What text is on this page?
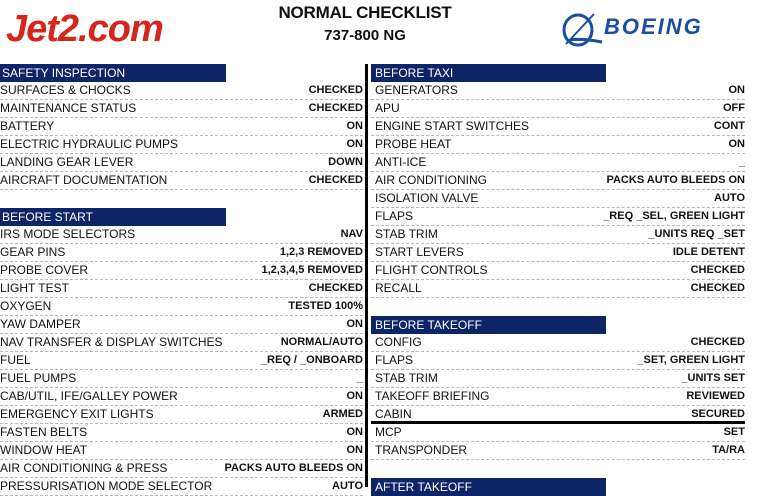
Jet2.com	NORMAL CHECKLIST
737-800 NG	BOEING
SAFETY INSPECTION
SURFACES & CHOCKS	CHECKED
MAINTENANCE STATUS	CHECKED
BATTERY	ON
ELECTRIC HYDRAULIC PUMPS	ON
LANDING GEAR LEVER	DOWN
AIRCRAFT DOCUMENTATION	CHECKED
BEFORE START
IRS MODE SELECTORS	NAV
GEAR PINS	1,2,3 REMOVED
PROBE COVER	1,2,3,4,5 REMOVED
LIGHT TEST	CHECKED
OXYGEN	TESTED 100%
YAW DAMPER	ON
NAV TRANSFER & DISPLAY SWITCHES	NORMAL/AUTO
FUEL	_REQ / _ONBOARD
FUEL PUMPS	_
CAB/UTIL, IFE/GALLEY POWER	ON
EMERGENCY EXIT LIGHTS	ARMED
FASTEN BELTS	ON
WINDOW HEAT	ON
AIR CONDITIONING & PRESS	PACKS AUTO BLEEDS ON
PRESSURISATION MODE SELECTOR	AUTO
BEFORE TAXI
GENERATORS	ON
APU	OFF
ENGINE START SWITCHES	CONT
PROBE HEAT	ON
ANTI-ICE	_
AIR CONDITIONING	PACKS AUTO BLEEDS ON
ISOLATION VALVE	AUTO
FLAPS	_REQ _SEL, GREEN LIGHT
STAB TRIM	_UNITS REQ _SET
START LEVERS	IDLE DETENT
FLIGHT CONTROLS	CHECKED
RECALL	CHECKED
BEFORE TAKEOFF
CONFIG	CHECKED
FLAPS	_SET, GREEN LIGHT
STAB TRIM	_UNITS SET
TAKEOFF BRIEFING	REVIEWED
CABIN	SECURED
MCP	SET
TRANSPONDER	TA/RA
AFTER TAKEOFF
